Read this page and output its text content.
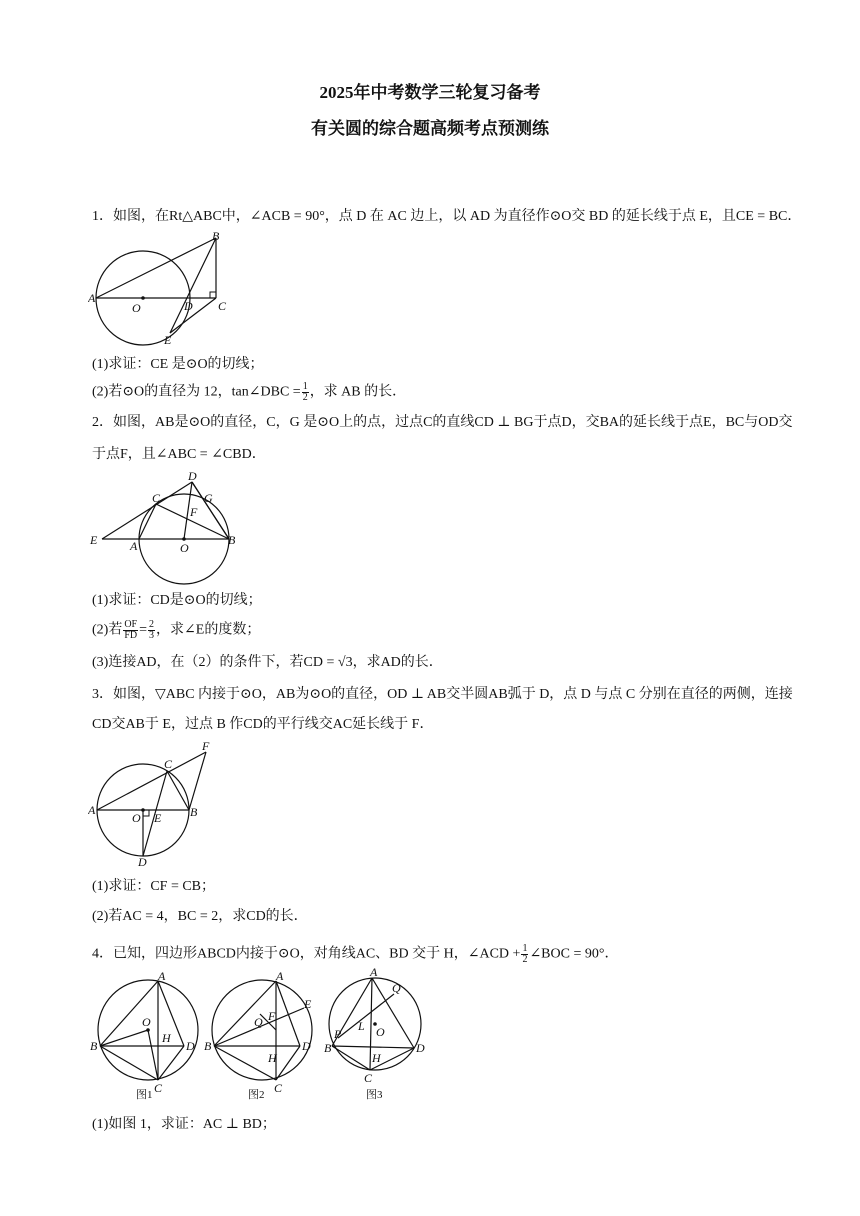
2025年中考数学三轮复习备考
有关圆的综合题高频考点预测练
1．如图，在Rt△ABC中，∠ACB = 90°，点 D 在 AC 边上，以 AD 为直径作⊙O交 BD 的延长线于点 E，且CE = BC．
A
O	D C
B
E
(1)求证：CE 是⊙O的切线；
(2)若⊙O的直径为 12，tan∠DBC = $\frac{1}{2}$ ，求 AB 的长．
2．如图，AB是⊙O的直径，C，G 是⊙O上的点，过点C的直线CD ⊥ BG于点D，交BA的延长线于点E，BC与OD交
于点F，且∠ABC = ∠CBD．
E	A
C
D
G
F
O
B
(1)求证：CD是⊙O的切线；
(2)若 $\frac{OF}{FD} = \frac{2}{3}$ ，求∠E的度数；
(3)连接AD，在（2）的条件下，若CD = √3，求AD的长．
3．如图，▽ABC 内接于⊙O，AB为⊙O的直径，OD ⊥ AB交半圆AB弧于 D，点 D 与点 C 分别在直径的两侧，连接
CD交AB于 E，过点 B 作CD的平行线交AC延长线于 F．
A
O E B
C
F
D
(1)求证：CF = CB；
(2)若AC = 4，BC = 2，求CD的长．
4．已知，四边形ABCD内接于⊙O，对角线AC、BD 交于 H，∠ACD + $\frac{1}{2}$ ∠BOC = 90°．
A
O
H
B	D
C
图1
A
E
Q F
H
B	D
C
图2
A
Q
L O
P
H
B	D
C
图3
(1)如图 1，求证：AC ⊥ BD；
